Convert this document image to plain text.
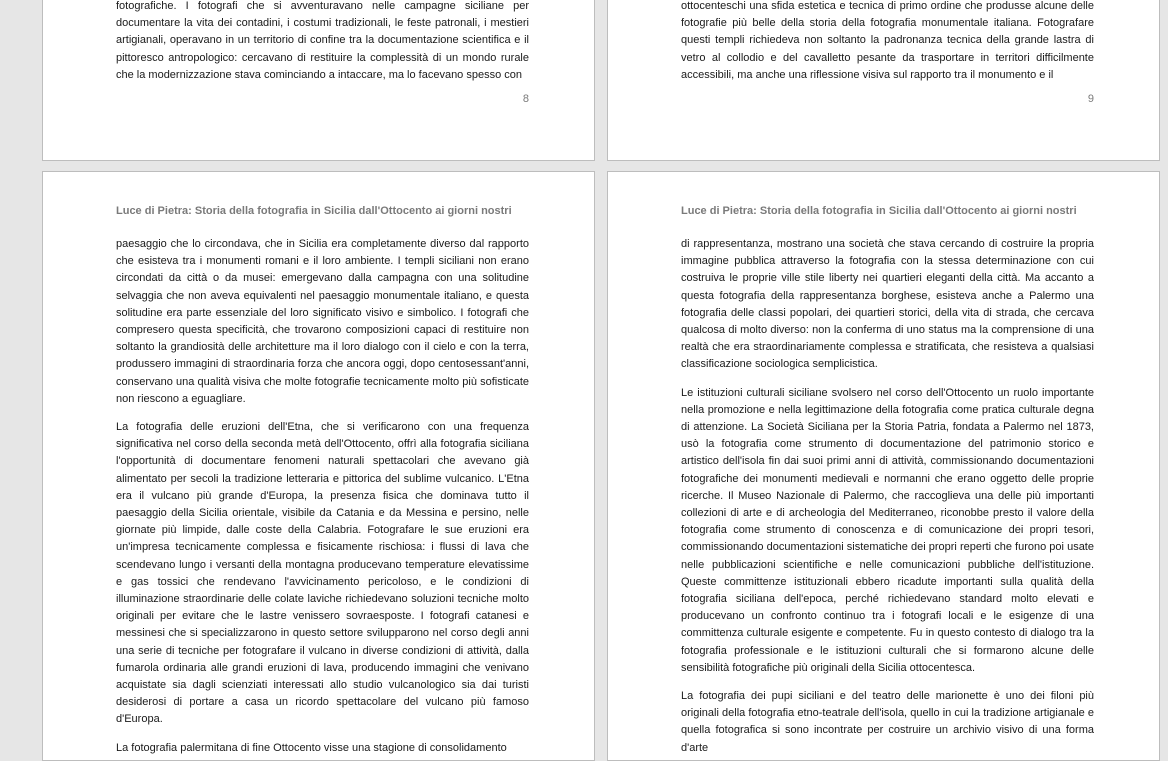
fotografiche. I fotografi che si avventuravano nelle campagne siciliane per documentare la vita dei contadini, i costumi tradizionali, le feste patronali, i mestieri artigianali, operavano in un territorio di confine tra la documentazione scientifica e il pittoresco antropologico: cercavano di restituire la complessità di un mondo rurale che la modernizzazione stava cominciando a intaccare, ma lo facevano spesso con

8

ottocenteschi una sfida estetica e tecnica di primo ordine che produsse alcune delle fotografie più belle della storia della fotografia monumentale italiana. Fotografare questi templi richiedeva non soltanto la padronanza tecnica della grande lastra di vetro al collodio e del cavalletto pesante da trasportare in territori difficilmente accessibili, ma anche una riflessione visiva sul rapporto tra il monumento e il

9
Luce di Pietra: Storia della fotografia in Sicilia dall'Ottocento ai giorni nostri

paesaggio che lo circondava, che in Sicilia era completamente diverso dal rapporto che esisteva tra i monumenti romani e il loro ambiente. I templi siciliani non erano circondati da città o da musei: emergevano dalla campagna con una solitudine selvaggia che non aveva equivalenti nel paesaggio monumentale italiano, e questa solitudine era parte essenziale del loro significato visivo e simbolico. I fotografi che compresero questa specificità, che trovarono composizioni capaci di restituire non soltanto la grandiosità delle architetture ma il loro dialogo con il cielo e con la terra, produssero immagini di straordinaria forza che ancora oggi, dopo centosessant'anni, conservano una qualità visiva che molte fotografie tecnicamente molto più sofisticate non riescono a eguagliare.

La fotografia delle eruzioni dell'Etna, che si verificarono con una frequenza significativa nel corso della seconda metà dell'Ottocento, offrì alla fotografia siciliana l'opportunità di documentare fenomeni naturali spettacolari che avevano già alimentato per secoli la tradizione letteraria e pittorica del sublime vulcanico. L'Etna era il vulcano più grande d'Europa, la presenza fisica che dominava tutto il paesaggio della Sicilia orientale, visibile da Catania e da Messina e persino, nelle giornate più limpide, dalle coste della Calabria. Fotografare le sue eruzioni era un'impresa tecnicamente complessa e fisicamente rischiosa: i flussi di lava che scendevano lungo i versanti della montagna producevano temperature elevatissime e gas tossici che rendevano l'avvicinamento pericoloso, e le condizioni di illuminazione straordinarie delle colate laviche richiedevano soluzioni tecniche molto originali per evitare che le lastre venissero sovraesposte. I fotografi catanesi e messinesi che si specializzarono in questo settore svilupparono nel corso degli anni una serie di tecniche per fotografare il vulcano in diverse condizioni di attività, dalla fumarola ordinaria alle grandi eruzioni di lava, producendo immagini che venivano acquistate sia dagli scienziati interessati allo studio vulcanologico sia dai turisti desiderosi di portare a casa un ricordo spettacolare del vulcano più famoso d'Europa.

La fotografia palermitana di fine Ottocento visse una stagione di consolidamento

Luce di Pietra: Storia della fotografia in Sicilia dall'Ottocento ai giorni nostri

di rappresentanza, mostrano una società che stava cercando di costruire la propria immagine pubblica attraverso la fotografia con la stessa determinazione con cui costruiva le proprie ville stile liberty nei quartieri eleganti della città. Ma accanto a questa fotografia della rappresentanza borghese, esisteva anche a Palermo una fotografia delle classi popolari, dei quartieri storici, della vita di strada, che cercava qualcosa di molto diverso: non la conferma di uno status ma la comprensione di una realtà che era straordinariamente complessa e stratificata, che resisteva a qualsiasi classificazione sociologica semplicistica.

Le istituzioni culturali siciliane svolsero nel corso dell'Ottocento un ruolo importante nella promozione e nella legittimazione della fotografia come pratica culturale degna di attenzione. La Società Siciliana per la Storia Patria, fondata a Palermo nel 1873, usò la fotografia come strumento di documentazione del patrimonio storico e artistico dell'isola fin dai suoi primi anni di attività, commissionando documentazioni fotografiche dei monumenti medievali e normanni che erano oggetto delle proprie ricerche. Il Museo Nazionale di Palermo, che raccoglieva una delle più importanti collezioni di arte e di archeologia del Mediterraneo, riconobbe presto il valore della fotografia come strumento di conoscenza e di comunicazione dei propri tesori, commissionando documentazioni sistematiche dei propri reperti che furono poi usate nelle pubblicazioni scientifiche e nelle comunicazioni pubbliche dell'istituzione. Queste committenze istituzionali ebbero ricadute importanti sulla qualità della fotografia siciliana dell'epoca, perché richiedevano standard molto elevati e producevano un confronto continuo tra i fotografi locali e le esigenze di una committenza culturale esigente e competente. Fu in questo contesto di dialogo tra la fotografia professionale e le istituzioni culturali che si formarono alcune delle sensibilità fotografiche più originali della Sicilia ottocentesca.

La fotografia dei pupi siciliani e del teatro delle marionette è uno dei filoni più originali della fotografia etno-teatrale dell'isola, quello in cui la tradizione artigianale e quella fotografica si sono incontrate per costruire un archivio visivo di una forma d'arte
